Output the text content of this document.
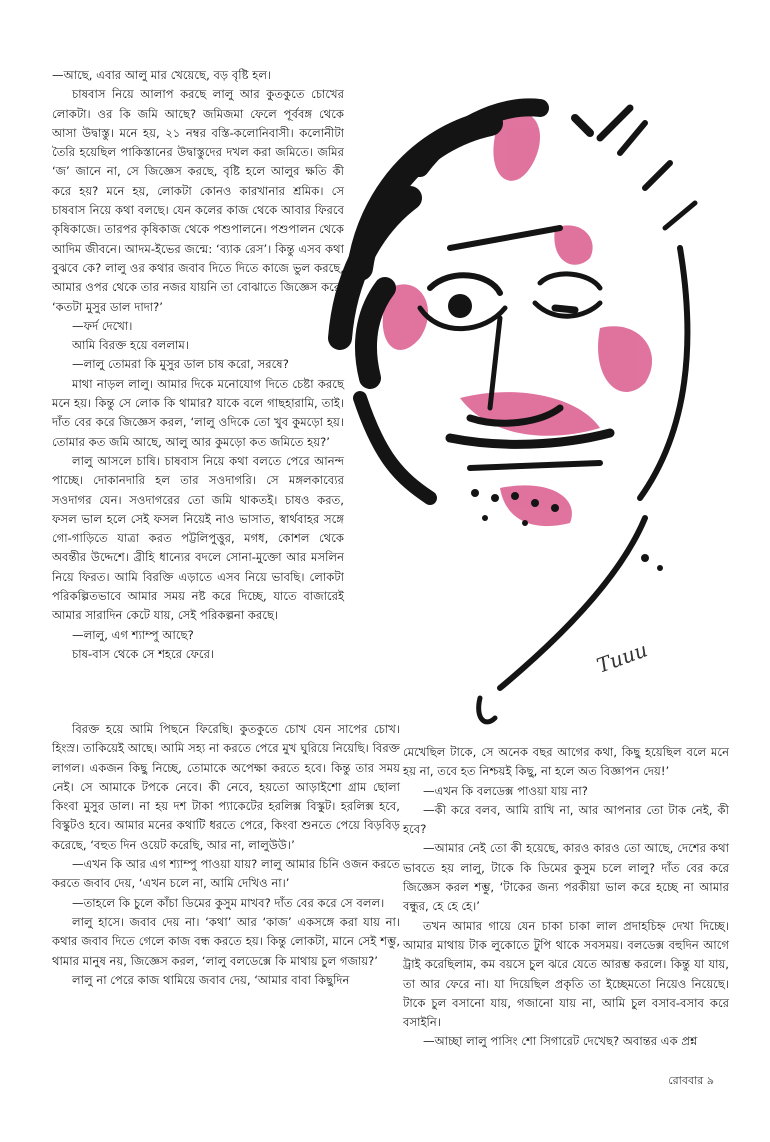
—আছে, এবার আলু মার খেয়েছে, বড় বৃষ্টি হল।

চাষবাস নিয়ে আলাপ করছে লালু আর কুতকুতে চোখের লোকটা। ওর কি জমি আছে? জমিজমা ফেলে পূর্ববঙ্গ থেকে আসা উদ্বাস্তু। মনে হয়, ২১ নম্বর বস্তি-কলোনিবাসী। কলোনীটা তৈরি হয়েছিল পাকিস্তানের উদ্বাস্তুদের দখল করা জমিতে। জমির ‘জ’ জানে না, সে জিজ্ঞেস করছে, বৃষ্টি হলে আলুর ক্ষতি কী করে হয়? মনে হয়, লোকটা কোনও কারখানার শ্রমিক। সে চাষবাস নিয়ে কথা বলছে। যেন কলের কাজ থেকে আবার ফিরবে কৃষিকাজে। তারপর কৃষিকাজ থেকে পশুপালনে। পশুপালন থেকে আদিম জীবনে। আদম-ইভের জন্মে: ‘ব্যাক রেস’। কিন্তু এসব কথা বুঝবে কে? লালু ওর কথার জবাব দিতে দিতে কাজে ভুল করছে, আমার ওপর থেকে তার নজর যায়নি তা বোঝাতে জিজ্ঞেস করে, ‘কতটা মুসুর ডাল দাদা?’

—ফর্দ দেখো।

আমি বিরক্ত হয়ে বললাম।

—লালু তোমরা কি মুসুর ডাল চাষ করো, সরষে?

মাথা নাড়ল লালু। আমার দিকে মনোযোগ দিতে চেষ্টা করছে মনে হয়। কিন্তু সে লোক কি থামার? যাকে বলে গাছহারামি, তাই। দাঁত বের করে জিজ্ঞেস করল, ‘লালু ওদিকে তো খুব কুমড়ো হয়। তোমার কত জমি আছে, আলু আর কুমড়ো কত জমিতে হয়?’

লালু আসলে চাষি। চাষবাস নিয়ে কথা বলতে পেরে আনন্দ পাচ্ছে। দোকানদারি হল তার সওদাগরি। সে মঙ্গলকাব্যের সওদাগর যেন। সওদাগরের তো জমি থাকতই। চাষও করত, ফসল ভাল হলে সেই ফসল নিয়েই নাও ভাসাত, স্বার্থবাহর সঙ্গে গো-গাড়িতে যাত্রা করত পট্টলিপুত্তুর, মগধ, কোশল থেকে অবন্তীর উদ্দেশে। ব্রীহি ধান্যের বদলে সোনা-মুক্তো আর মসলিন নিয়ে ফিরত। আমি বিরক্তি এড়াতে এসব নিয়ে ভাবছি। লোকটা পরিকল্পিতভাবে আমার সময় নষ্ট করে দিচ্ছে, যাতে বাজারেই আমার সারাদিন কেটে যায়, সেই পরিকল্পনা করছে।

—লালু, এগ শ্যাম্পু আছে?

চাষ-বাস থেকে সে শহরে ফেরে।	Tuuu

বিরক্ত হয়ে আমি পিছনে ফিরেছি। কুতকুতে চোখ যেন সাপের চোখ। হিংস্র। তাকিয়েই আছে। আমি সহ্য না করতে পেরে মুখ ঘুরিয়ে নিয়েছি। বিরক্ত লাগল। একজন কিছু নিচ্ছে, তোমাকে অপেক্ষা করতে হবে। কিন্তু তার সময় নেই। সে আমাকে টপকে নেবে। কী নেবে, হয়তো আড়াইশো গ্রাম ছোলা কিংবা মুসুর ডাল। না হয় দশ টাকা প্যাকেটের হরলিক্স বিস্কুট। হরলিক্স হবে, বিস্কুটও হবে। আমার মনের কথাটি ধরতে পেরে, কিংবা শুনতে পেয়ে বিড়বিড় করেছে, ‘বহুত দিন ওয়েট করেছি, আর না, লালুউউ।’

—এখন কি আর এগ শ্যাম্পু পাওয়া যায়? লালু আমার চিনি ওজন করতে করতে জবাব দেয়, ‘এখন চলে না, আমি দেখিও না।’

—তাহলে কি চুলে কাঁচা ডিমের কুসুম মাখব? দাঁত বের করে সে বলল।

লালু হাসে। জবাব দেয় না। ‘কথা’ আর ‘কাজ’ একসঙ্গে করা যায় না। কথার জবাব দিতে গেলে কাজ বন্ধ করতে হয়। কিন্তু লোকটা, মানে সেই শম্ভু, থামার মানুষ নয়, জিজ্ঞেস করল, ‘লালু বলডেক্সে কি মাথায় চুল গজায়?’

লালু না পেরে কাজ থামিয়ে জবাব দেয়, ‘আমার বাবা কিছুদিন

মেখেছিল টাকে, সে অনেক বছর আগের কথা, কিছু হয়েছিল বলে মনে হয় না, তবে হত নিশ্চয়ই কিছু, না হলে অত বিজ্ঞাপন দেয়!’

—এখন কি বলডেক্স পাওয়া যায় না?

—কী করে বলব, আমি রাখি না, আর আপনার তো টাক নেই, কী হবে?

—আমার নেই তো কী হয়েছে, কারও কারও তো আছে, দেশের কথা ভাবতে হয় লালু, টাকে কি ডিমের কুসুম চলে লালু? দাঁত বের করে জিজ্ঞেস করল শম্ভু, ‘টাকের জন্য পরকীয়া ভাল করে হচ্ছে না আমার বন্ধুর, হে হে হে।’

তখন আমার গায়ে যেন চাকা চাকা লাল প্রদাহচিহ্ন দেখা দিচ্ছে। আমার মাথায় টাক লুকোতে টুপি থাকে সবসময়। বলডেক্স বহুদিন আগে ট্রাই করেছিলাম, কম বয়সে চুল ঝরে যেতে আরম্ভ করলে। কিন্তু যা যায়, তা আর ফেরে না। যা দিয়েছিল প্রকৃতি তা ইচ্ছেমতো নিয়েও নিয়েছে। টাকে চুল বসানো যায়, গজানো যায় না, আমি চুল বসাব-বসাব করে বসাইনি।

—আচ্ছা লালু পাসিং শো সিগারেট দেখেছ? অবান্তর এক প্রশ্ন

রোববার ৯
